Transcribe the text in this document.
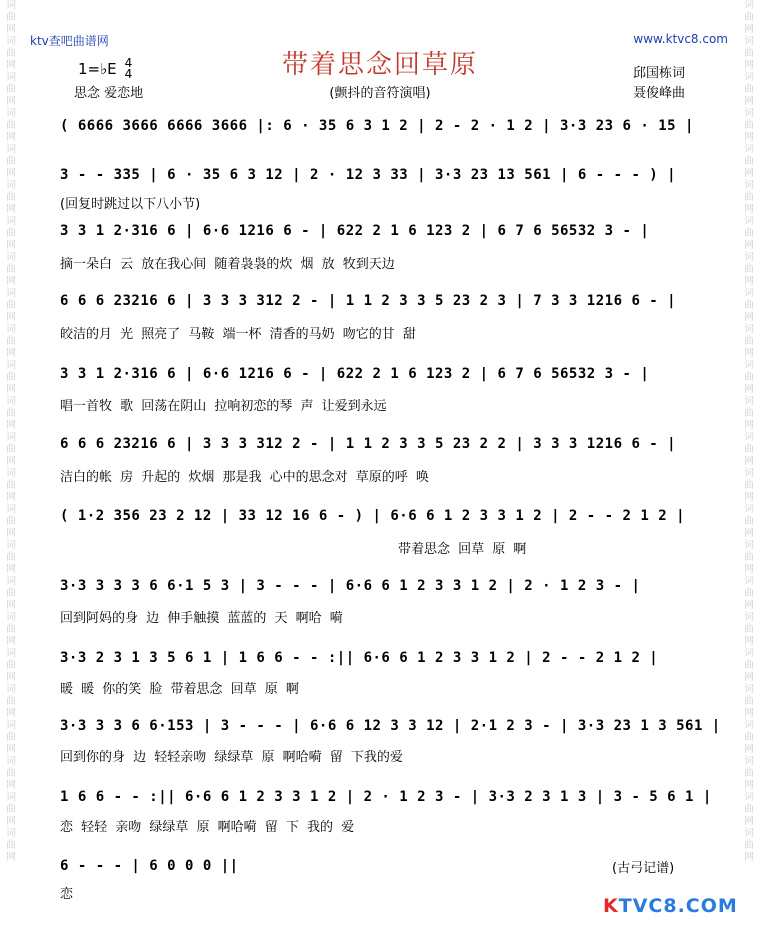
词曲网词曲网词曲网词曲网词曲网词曲网词曲网词曲网词曲网词曲网词曲网词曲网词曲网词曲网词曲网词曲网词曲网词曲网词曲网词曲网词曲网词曲网词曲网词曲网
词曲网词曲网词曲网词曲网词曲网词曲网词曲网词曲网词曲网词曲网词曲网词曲网词曲网词曲网词曲网词曲网词曲网词曲网词曲网词曲网词曲网词曲网词曲网词曲网
ktv查吧曲谱网	www.ktvc8.com
带着思念回草原
(颤抖的音符演唱)
1=♭E 4
4
思念 爱恋地
邱国栋词
聂俊峰曲
( 6666 3666 6666 3666 |: 6 · 35 6 3 1 2 | 2 - 2 · 1 2 | 3·3 23 6 · 15 |
3 - - 335 | 6 · 35 6 3 12 | 2 · 12 3 33 | 3·3 23 13 561 | 6 - - - ) |
(回复时跳过以下八小节)
3 3 1 2·316 6 | 6·6 1216 6 - | 622 2 1 6 123 2 | 6 7 6 56532 3 - |
摘一朵白 云 放在我心间 随着袅袅的炊 烟 放 牧到天边
6 6 6 23216 6 | 3 3 3 312 2 - | 1 1 2 3 3 5 23 2 3 | 7 3 3 1216 6 - |
皎洁的月 光 照亮了 马鞍 端一杯 清香的马奶 吻它的甘 甜
3 3 1 2·316 6 | 6·6 1216 6 - | 622 2 1 6 123 2 | 6 7 6 56532 3 - |
唱一首牧 歌 回荡在阴山 拉响初恋的琴 声 让爱到永远
6 6 6 23216 6 | 3 3 3 312 2 - | 1 1 2 3 3 5 23 2 2 | 3 3 3 1216 6 - |
洁白的帐 房 升起的 炊烟 那是我 心中的思念对 草原的呼 唤
( 1·2 356 23 2 12 | 33 12 16 6 - ) | 6·6 6 1 2 3 3 1 2 | 2 - - 2 1 2 |
带着思念 回草 原 啊
3·3 3 3 3 6 6·1 5 3 | 3 - - - | 6·6 6 1 2 3 3 1 2 | 2 · 1 2 3 - |
回到阿妈的身 边 伸手触摸 蓝蓝的 天 啊哈 嗬
3·3 2 3 1 3 5 6 1 | 1 6 6 - - :|| 6·6 6 1 2 3 3 1 2 | 2 - - 2 1 2 |
暖 暖 你的笑 脸 带着思念 回草 原 啊
3·3 3 3 6 6·153 | 3 - - - | 6·6 6 12 3 3 12 | 2·1 2 3 - | 3·3 23 1 3 561 |
回到你的身 边 轻轻亲吻 绿绿草 原 啊哈嗬 留 下我的爱
1 6 6 - - :|| 6·6 6 1 2 3 3 1 2 | 2 · 1 2 3 - | 3·3 2 3 1 3 | 3 - 5 6 1 |
恋 轻轻 亲吻 绿绿草 原 啊哈嗬 留 下 我的 爱
6 - - - | 6 0 0 0 ||
恋
(古弓记谱)
KTVC8.COM
